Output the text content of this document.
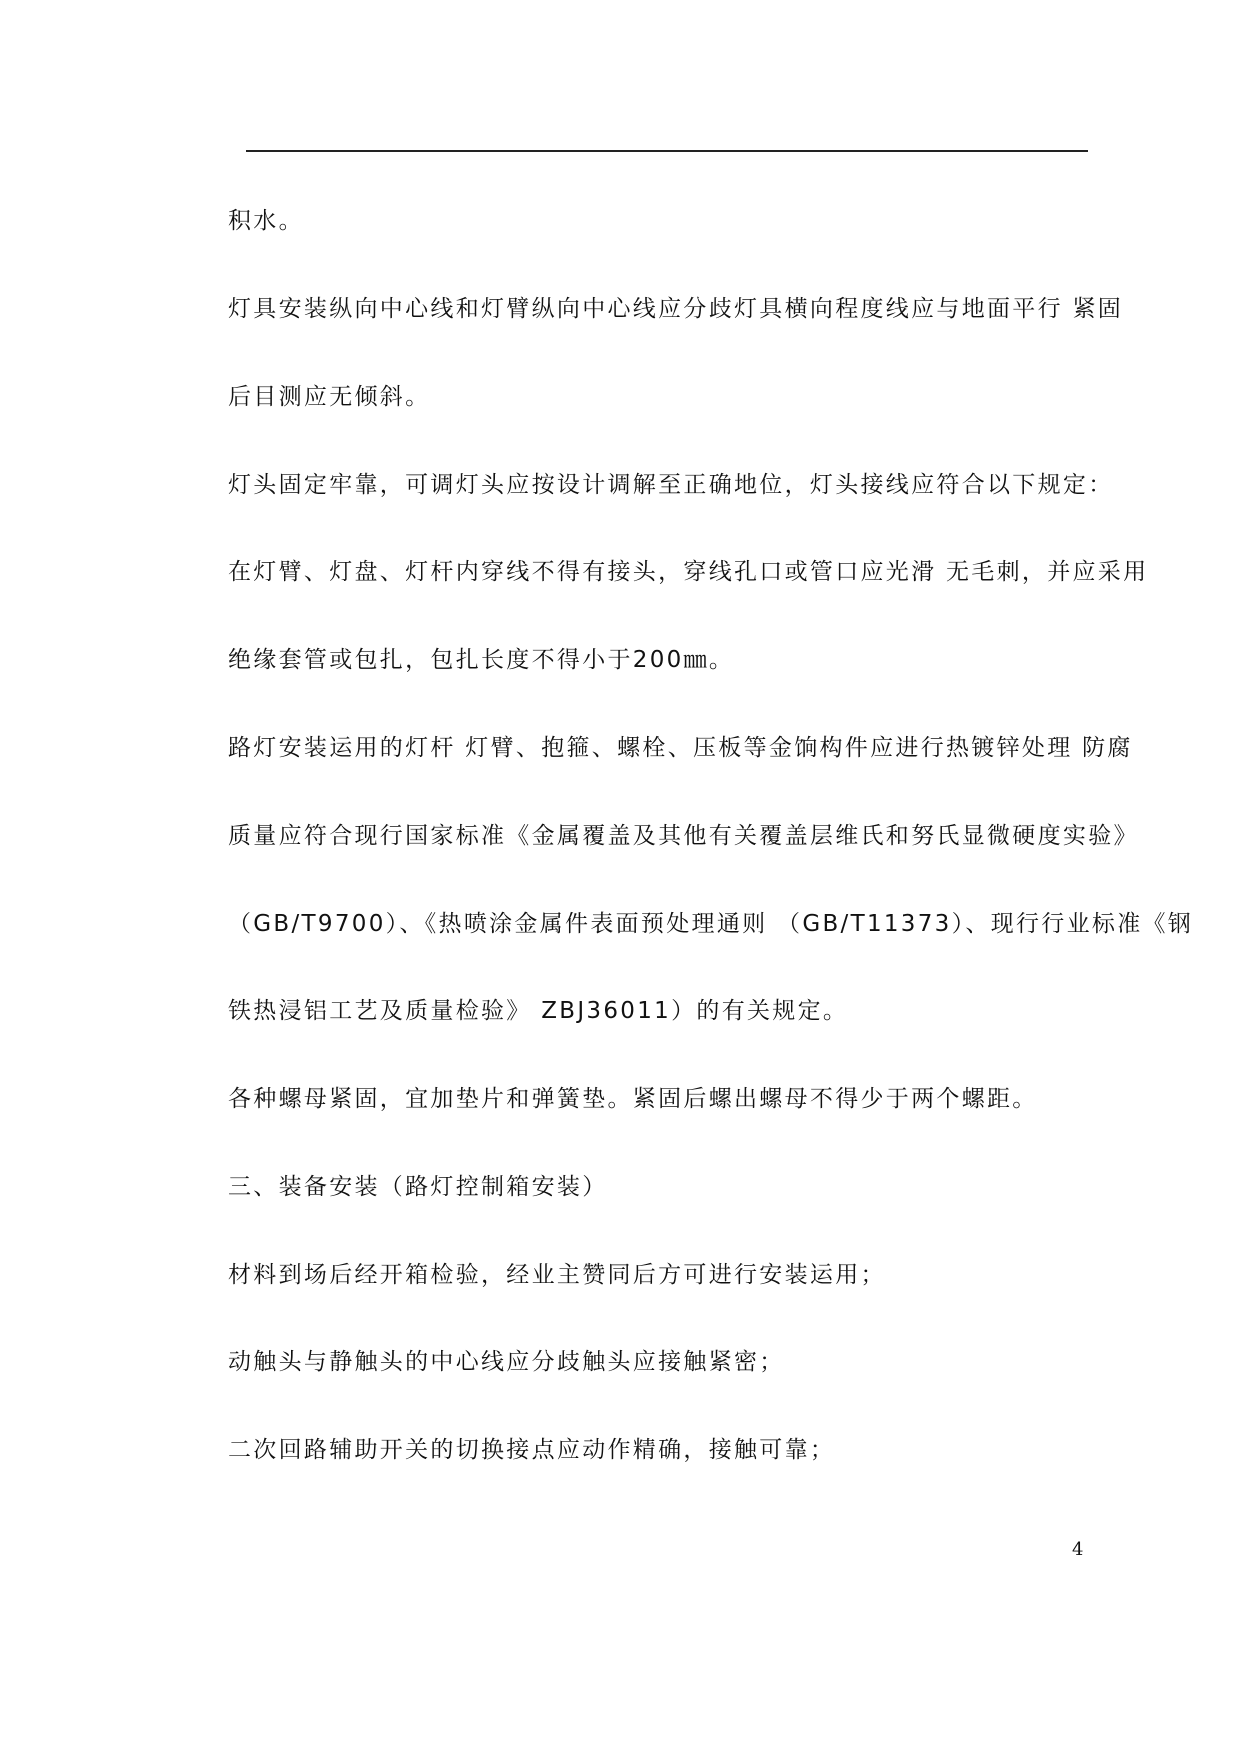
积水。
灯具安装纵向中心线和灯臂纵向中心线应分歧灯具横向程度线应与地面平行 紧固
后目测应无倾斜。
灯头固定牢靠，可调灯头应按设计调解至正确地位，灯头接线应符合以下规定：
在灯臂、灯盘、灯杆内穿线不得有接头，穿线孔口或管口应光滑 无毛刺，并应采用
绝缘套管或包扎，包扎长度不得小于200㎜。
路灯安装运用的灯杆 灯臂、抱箍、螺栓、压板等金饷构件应进行热镀锌处理 防腐
质量应符合现行国家标准《金属覆盖及其他有关覆盖层维氏和努氏显微硬度实验》
（GB/T9700）、《热喷涂金属件表面预处理通则 （GB/T11373）、现行行业标准《钢
铁热浸铝工艺及质量检验》 ZBJ36011）的有关规定。
各种螺母紧固，宜加垫片和弹簧垫。紧固后螺出螺母不得少于两个螺距。
三、装备安装（路灯控制箱安装）
材料到场后经开箱检验，经业主赞同后方可进行安装运用；
动触头与静触头的中心线应分歧触头应接触紧密；
二次回路辅助开关的切换接点应动作精确，接触可靠；
4
